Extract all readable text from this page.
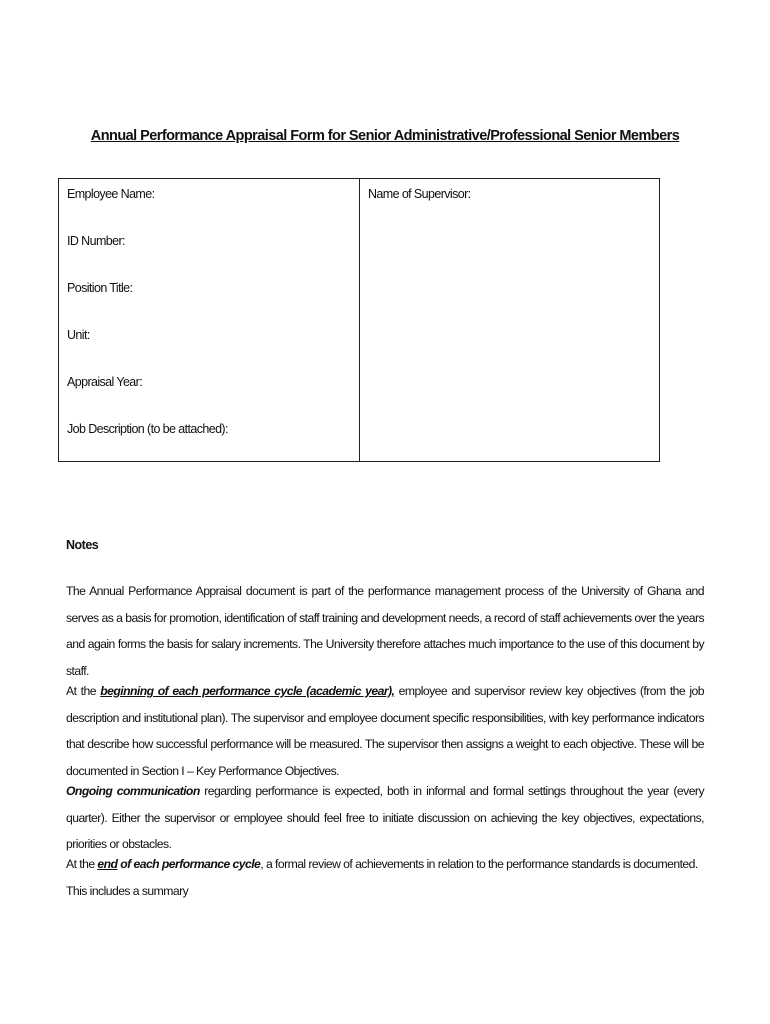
Annual Performance Appraisal Form for Senior Administrative/Professional Senior Members
Employee Name:
ID Number:
Position Title:
Unit:
Appraisal Year:
Job Description (to be attached):
Name of Supervisor:
Notes

The Annual Performance Appraisal document is part of the performance management process of the University of Ghana and serves as a basis for promotion, identification of staff training and development needs, a record of staff achievements over the years and again forms the basis for salary increments. The University therefore attaches much importance to the use of this document by staff.

At the beginning of each performance cycle (academic year), employee and supervisor review key objectives (from the job description and institutional plan). The supervisor and employee document specific responsibilities, with key performance indicators that describe how successful performance will be measured. The supervisor then assigns a weight to each objective. These will be documented in Section I – Key Performance Objectives.

Ongoing communication regarding performance is expected, both in informal and formal settings throughout the year (every quarter). Either the supervisor or employee should feel free to initiate discussion on achieving the key objectives, expectations, priorities or obstacles.

At the end of each performance cycle, a formal review of achievements in relation to the performance standards is documented. This includes a summary
